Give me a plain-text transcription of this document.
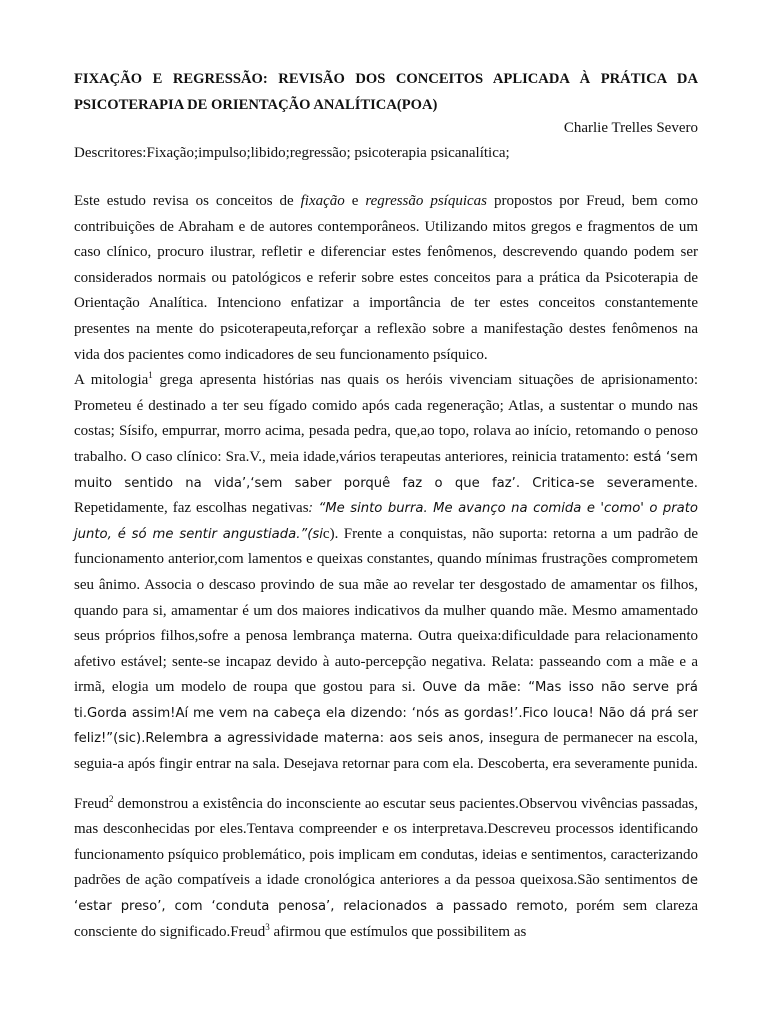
FIXAÇÃO E REGRESSÃO: REVISÃO DOS CONCEITOS APLICADA À PRÁTICA DA
PSICOTERAPIA DE ORIENTAÇÃO ANALÍTICA(POA)
Charlie Trelles Severo
Descritores:Fixação;impulso;libido;regressão; psicoterapia psicanalítica;

Este estudo revisa os conceitos de fixação e regressão psíquicas propostos por Freud, bem como contribuições de Abraham e de autores contemporâneos. Utilizando mitos gregos e fragmentos de um caso clínico, procuro ilustrar, refletir e diferenciar estes fenômenos, descrevendo quando podem ser considerados normais ou patológicos e referir sobre estes conceitos para a prática da Psicoterapia de Orientação Analítica. Intenciono enfatizar a importância de ter estes conceitos constantemente presentes na mente do psicoterapeuta,reforçar a reflexão sobre a manifestação destes fenômenos na vida dos pacientes como indicadores de seu funcionamento psíquico.

A mitologia$^1$ grega apresenta histórias nas quais os heróis vivenciam situações de aprisionamento: Prometeu é destinado a ter seu fígado comido após cada regeneração; Atlas, a sustentar o mundo nas costas; Sísifo, empurrar, morro acima, pesada pedra, que,ao topo, rolava ao início, retomando o penoso trabalho. O caso clínico: Sra.V., meia idade,vários terapeutas anteriores, reinicia tratamento: está ‘sem muito sentido na vida’,‘sem saber porquê faz o que faz’. Critica-se severamente. Repetidamente, faz escolhas negativas: “Me sinto burra. Me avanço na comida e 'como' o prato junto, é só me sentir angustiada.”(sic). Frente a conquistas, não suporta: retorna a um padrão de funcionamento anterior,com lamentos e queixas constantes, quando mínimas frustrações comprometem seu ânimo. Associa o descaso provindo de sua mãe ao revelar ter desgostado de amamentar os filhos, quando para si, amamentar é um dos maiores indicativos da mulher quando mãe. Mesmo amamentado seus próprios filhos,sofre a penosa lembrança materna. Outra queixa:dificuldade para relacionamento afetivo estável; sente-se incapaz devido à auto-percepção negativa. Relata: passeando com a mãe e a irmã, elogia um modelo de roupa que gostou para si. Ouve da mãe: “Mas isso não serve prá ti.Gorda assim!Aí me vem na cabeça ela dizendo: ‘nós as gordas!’.Fico louca! Não dá prá ser feliz!”(sic).Relembra a agressividade materna: aos seis anos, insegura de permanecer na escola, seguia-a após fingir entrar na sala. Desejava retornar para com ela. Descoberta, era severamente punida.

Freud$^2$ demonstrou a existência do inconsciente ao escutar seus pacientes.Observou vivências passadas, mas desconhecidas por eles.Tentava compreender e os interpretava.Descreveu processos identificando funcionamento psíquico problemático, pois implicam em condutas, ideias e sentimentos, caracterizando padrões de ação compatíveis a idade cronológica anteriores a da pessoa queixosa.São sentimentos de ‘estar preso’, com ‘conduta penosa’, relacionados a passado remoto, porém sem clareza consciente do significado.Freud$^3$ afirmou que estímulos que possibilitem as
